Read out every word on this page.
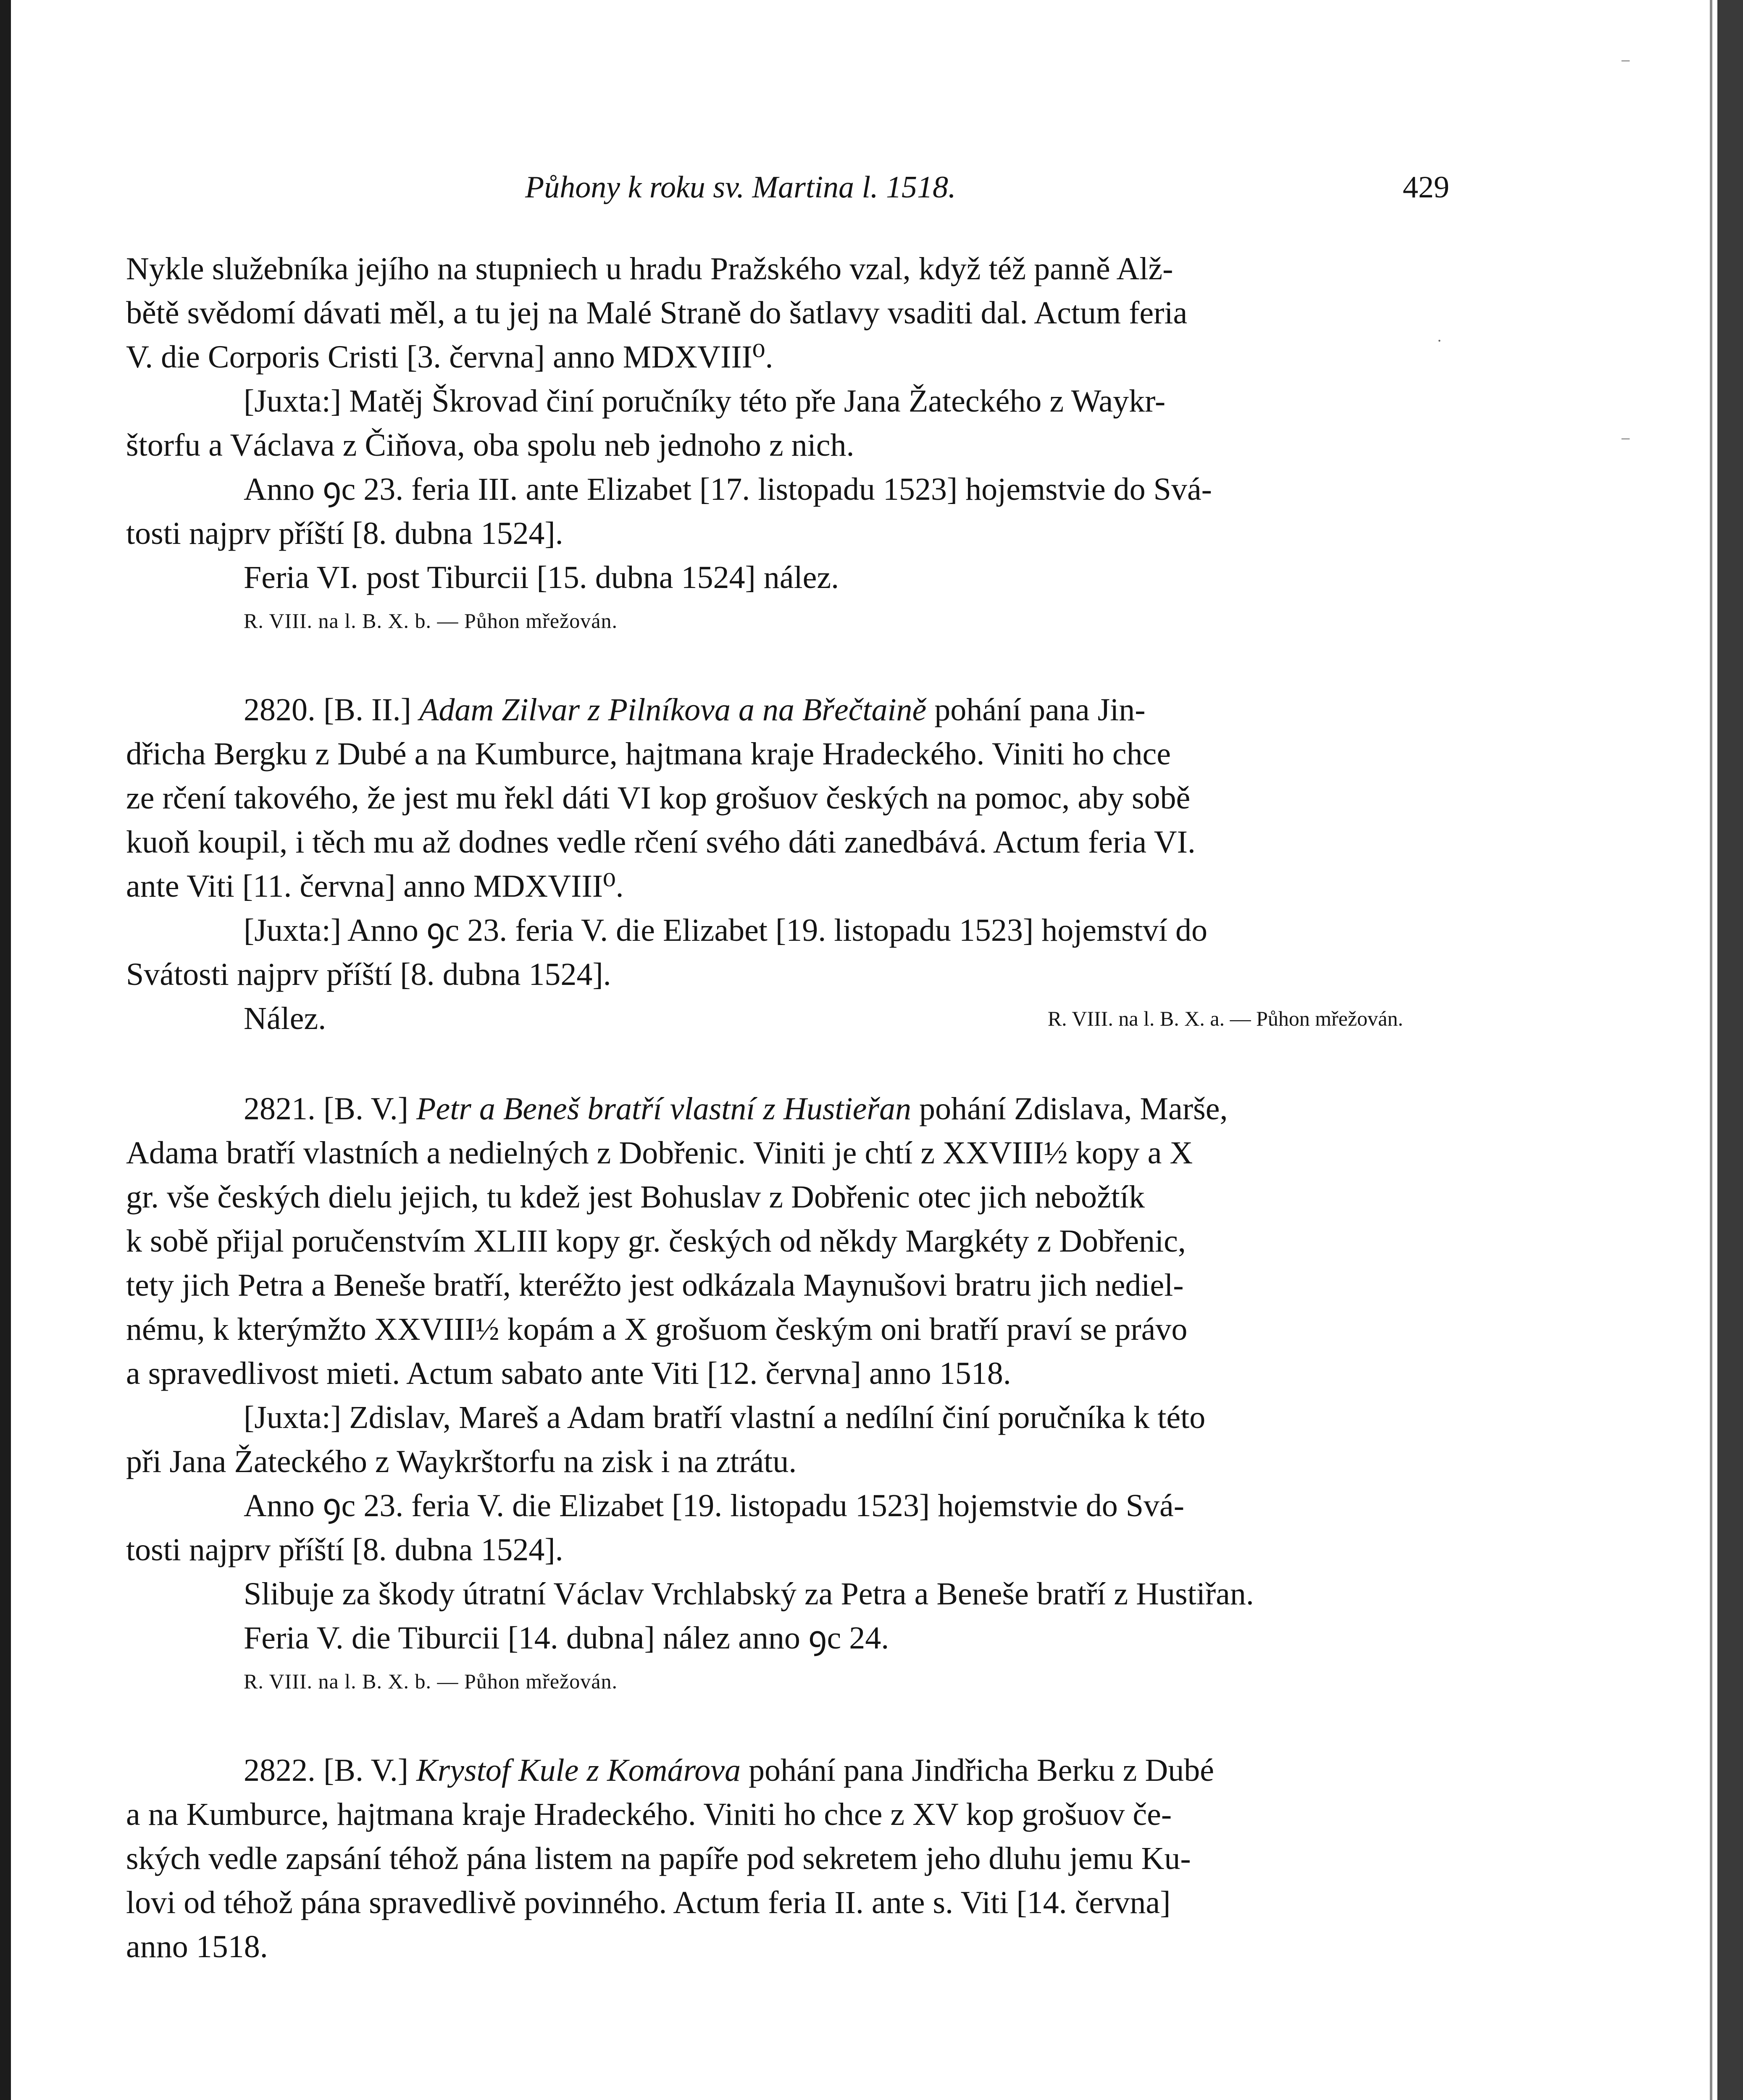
–
–
·
Půhony k roku sv. Martina l. 1518.	429

Nykle služebníka jejího na stupniech u hradu Pražského vzal, když též panně Alž-

bětě svědomí dávati měl, a tu jej na Malé Straně do šatlavy vsaditi dal. Actum feria

V. die Corporis Cristi [3. června] anno MDXVIII⁰.

[Juxta:] Matěj Škrovad činí poručníky této pře Jana Žateckého z Waykr-

štorfu a Václava z Čiňova, oba spolu neb jednoho z nich.

Anno ꝯc 23. feria III. ante Elizabet [17. listopadu 1523] hojemstvie do Svá-

tosti najprv příští [8. dubna 1524].

Feria VI. post Tiburcii [15. dubna 1524] nález.

R. VIII. na l. B. X. b. — Půhon mřežován.

2820. [B. II.] Adam Zilvar z Pilníkova a na Břečtaině pohání pana Jin-

dřicha Bergku z Dubé a na Kumburce, hajtmana kraje Hradeckého. Viniti ho chce

ze rčení takového, že jest mu řekl dáti VI kop grošuov českých na pomoc, aby sobě

kuoň koupil, i těch mu až dodnes vedle rčení svého dáti zanedbává. Actum feria VI.

ante Viti [11. června] anno MDXVIII⁰.

[Juxta:] Anno ꝯc 23. feria V. die Elizabet [19. listopadu 1523] hojemství do

Svátosti najprv příští [8. dubna 1524].

Nález.	R. VIII. na l. B. X. a. — Půhon mřežován.

2821. [B. V.] Petr a Beneš bratří vlastní z Hustieřan pohání Zdislava, Marše,

Adama bratří vlastních a nedielných z Dobřenic. Viniti je chtí z XXVIII½ kopy a X

gr. vše českých dielu jejich, tu kdež jest Bohuslav z Dobřenic otec jich nebožtík

k sobě přijal poručenstvím XLIII kopy gr. českých od někdy Margkéty z Dobřenic,

tety jich Petra a Beneše bratří, kteréžto jest odkázala Maynušovi bratru jich nediel-

nému, k kterýmžto XXVIII½ kopám a X grošuom českým oni bratří praví se právo

a spravedlivost mieti. Actum sabato ante Viti [12. června] anno 1518.

[Juxta:] Zdislav, Mareš a Adam bratří vlastní a nedílní činí poručníka k této

při Jana Žateckého z Waykrštorfu na zisk i na ztrátu.

Anno ꝯc 23. feria V. die Elizabet [19. listopadu 1523] hojemstvie do Svá-

tosti najprv příští [8. dubna 1524].

Slibuje za škody útratní Václav Vrchlabský za Petra a Beneše bratří z Hustiřan.

Feria V. die Tiburcii [14. dubna] nález anno ꝯc 24.

R. VIII. na l. B. X. b. — Půhon mřežován.

2822. [B. V.] Krystof Kule z Komárova pohání pana Jindřicha Berku z Dubé

a na Kumburce, hajtmana kraje Hradeckého. Viniti ho chce z XV kop grošuov če-

ských vedle zapsání téhož pána listem na papíře pod sekretem jeho dluhu jemu Ku-

lovi od téhož pána spravedlivě povinného. Actum feria II. ante s. Viti [14. června]

anno 1518.
